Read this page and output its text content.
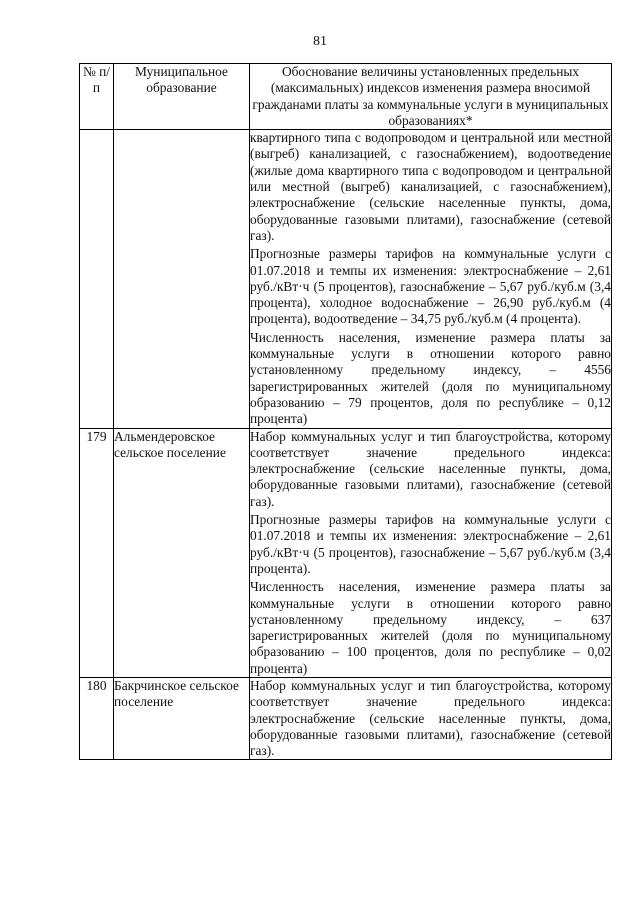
81
№ п/п	Муниципальное образование	Обоснование величины установленных предельных (максимальных) индексов изменения размера вносимой гражданами платы за коммунальные услуги в муниципальных образованиях*

		квартирного типа с водопроводом и центральной или местной (выгреб) канализацией, с газоснабжением), водоотведение (жилые дома квартирного типа с водопроводом и центральной или местной (выгреб) канализацией, с газоснабжением), электроснабжение (сельские населенные пункты, дома, оборудованные газовыми плитами), газоснабжение (сетевой газ).
Прогнозные размеры тарифов на коммунальные услуги с 01.07.2018 и темпы их изменения: электроснабжение – 2,61 руб./кВт·ч (5 процентов), газоснабжение – 5,67 руб./куб.м (3,4 процента), холодное водоснабжение – 26,90 руб./куб.м (4 процента), водоотведение – 34,75 руб./куб.м (4 процента).
Численность населения, изменение размера платы за коммунальные услуги в отношении которого равно установленному предельному индексу, – 4556 зарегистрированных жителей (доля по муниципальному образованию – 79 процентов, доля по республике – 0,12 процента)

179	Альмендеровское сельское поселение	Набор коммунальных услуг и тип благоустройства, которому соответствует значение предельного индекса: электроснабжение (сельские населенные пункты, дома, оборудованные газовыми плитами), газоснабжение (сетевой газ).
Прогнозные размеры тарифов на коммунальные услуги с 01.07.2018 и темпы их изменения: электроснабжение – 2,61 руб./кВт·ч (5 процентов), газоснабжение – 5,67 руб./куб.м (3,4 процента).
Численность населения, изменение размера платы за коммунальные услуги в отношении которого равно установленному предельному индексу, – 637 зарегистрированных жителей (доля по муниципальному образованию – 100 процентов, доля по республике – 0,02 процента)

180	Бакрчинское сельское поселение	Набор коммунальных услуг и тип благоустройства, которому соответствует значение предельного индекса: электроснабжение (сельские населенные пункты, дома, оборудованные газовыми плитами), газоснабжение (сетевой газ).
